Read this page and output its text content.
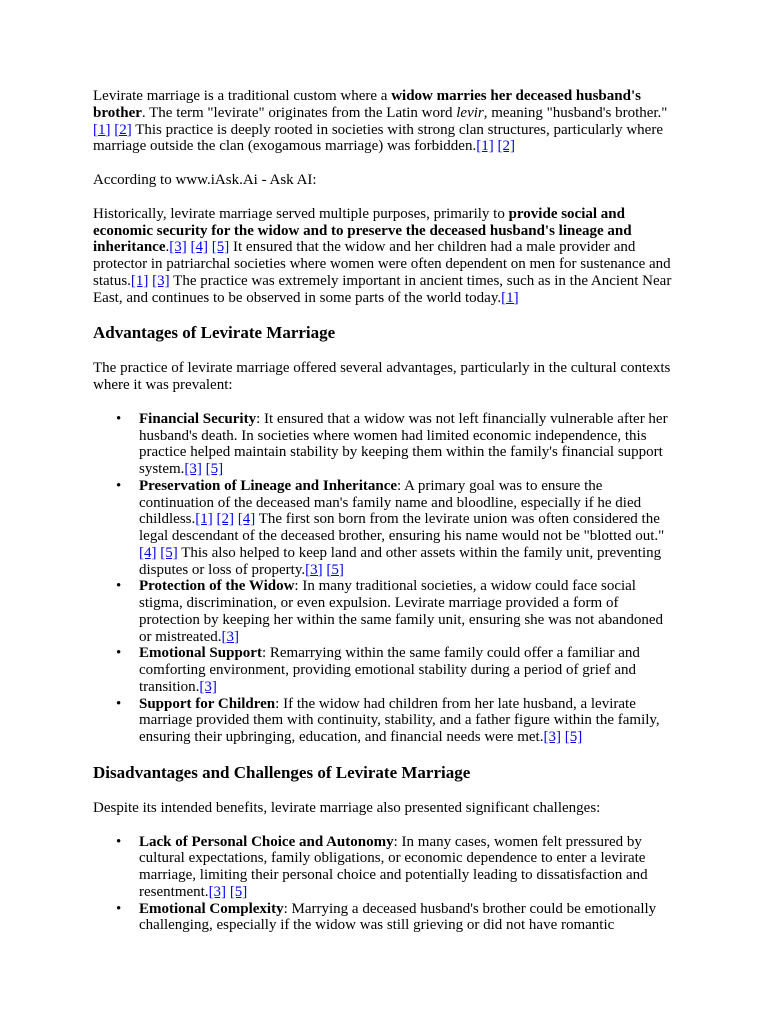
Levirate marriage is a traditional custom where a widow marries her deceased husband's brother. The term "levirate" originates from the Latin word levir, meaning "husband's brother."[1] [2] This practice is deeply rooted in societies with strong clan structures, particularly where marriage outside the clan (exogamous marriage) was forbidden.[1] [2]

According to www.iAsk.Ai - Ask AI:

Historically, levirate marriage served multiple purposes, primarily to provide social and economic security for the widow and to preserve the deceased husband's lineage and inheritance.[3] [4] [5] It ensured that the widow and her children had a male provider and protector in patriarchal societies where women were often dependent on men for sustenance and status.[1] [3] The practice was extremely important in ancient times, such as in the Ancient Near East, and continues to be observed in some parts of the world today.[1]

Advantages of Levirate Marriage

The practice of levirate marriage offered several advantages, particularly in the cultural contexts where it was prevalent:

• Financial Security: It ensured that a widow was not left financially vulnerable after her husband's death. In societies where women had limited economic independence, this practice helped maintain stability by keeping them within the family's financial support system.[3] [5]
• Preservation of Lineage and Inheritance: A primary goal was to ensure the continuation of the deceased man's family name and bloodline, especially if he died childless.[1] [2] [4] The first son born from the levirate union was often considered the legal descendant of the deceased brother, ensuring his name would not be "blotted out."[4] [5] This also helped to keep land and other assets within the family unit, preventing disputes or loss of property.[3] [5]
• Protection of the Widow: In many traditional societies, a widow could face social stigma, discrimination, or even expulsion. Levirate marriage provided a form of protection by keeping her within the same family unit, ensuring she was not abandoned or mistreated.[3]
• Emotional Support: Remarrying within the same family could offer a familiar and comforting environment, providing emotional stability during a period of grief and transition.[3]
• Support for Children: If the widow had children from her late husband, a levirate marriage provided them with continuity, stability, and a father figure within the family, ensuring their upbringing, education, and financial needs were met.[3] [5]
Disadvantages and Challenges of Levirate Marriage

Despite its intended benefits, levirate marriage also presented significant challenges:

• Lack of Personal Choice and Autonomy: In many cases, women felt pressured by cultural expectations, family obligations, or economic dependence to enter a levirate marriage, limiting their personal choice and potentially leading to dissatisfaction and resentment.[3] [5]
• Emotional Complexity: Marrying a deceased husband's brother could be emotionally challenging, especially if the widow was still grieving or did not have romantic
